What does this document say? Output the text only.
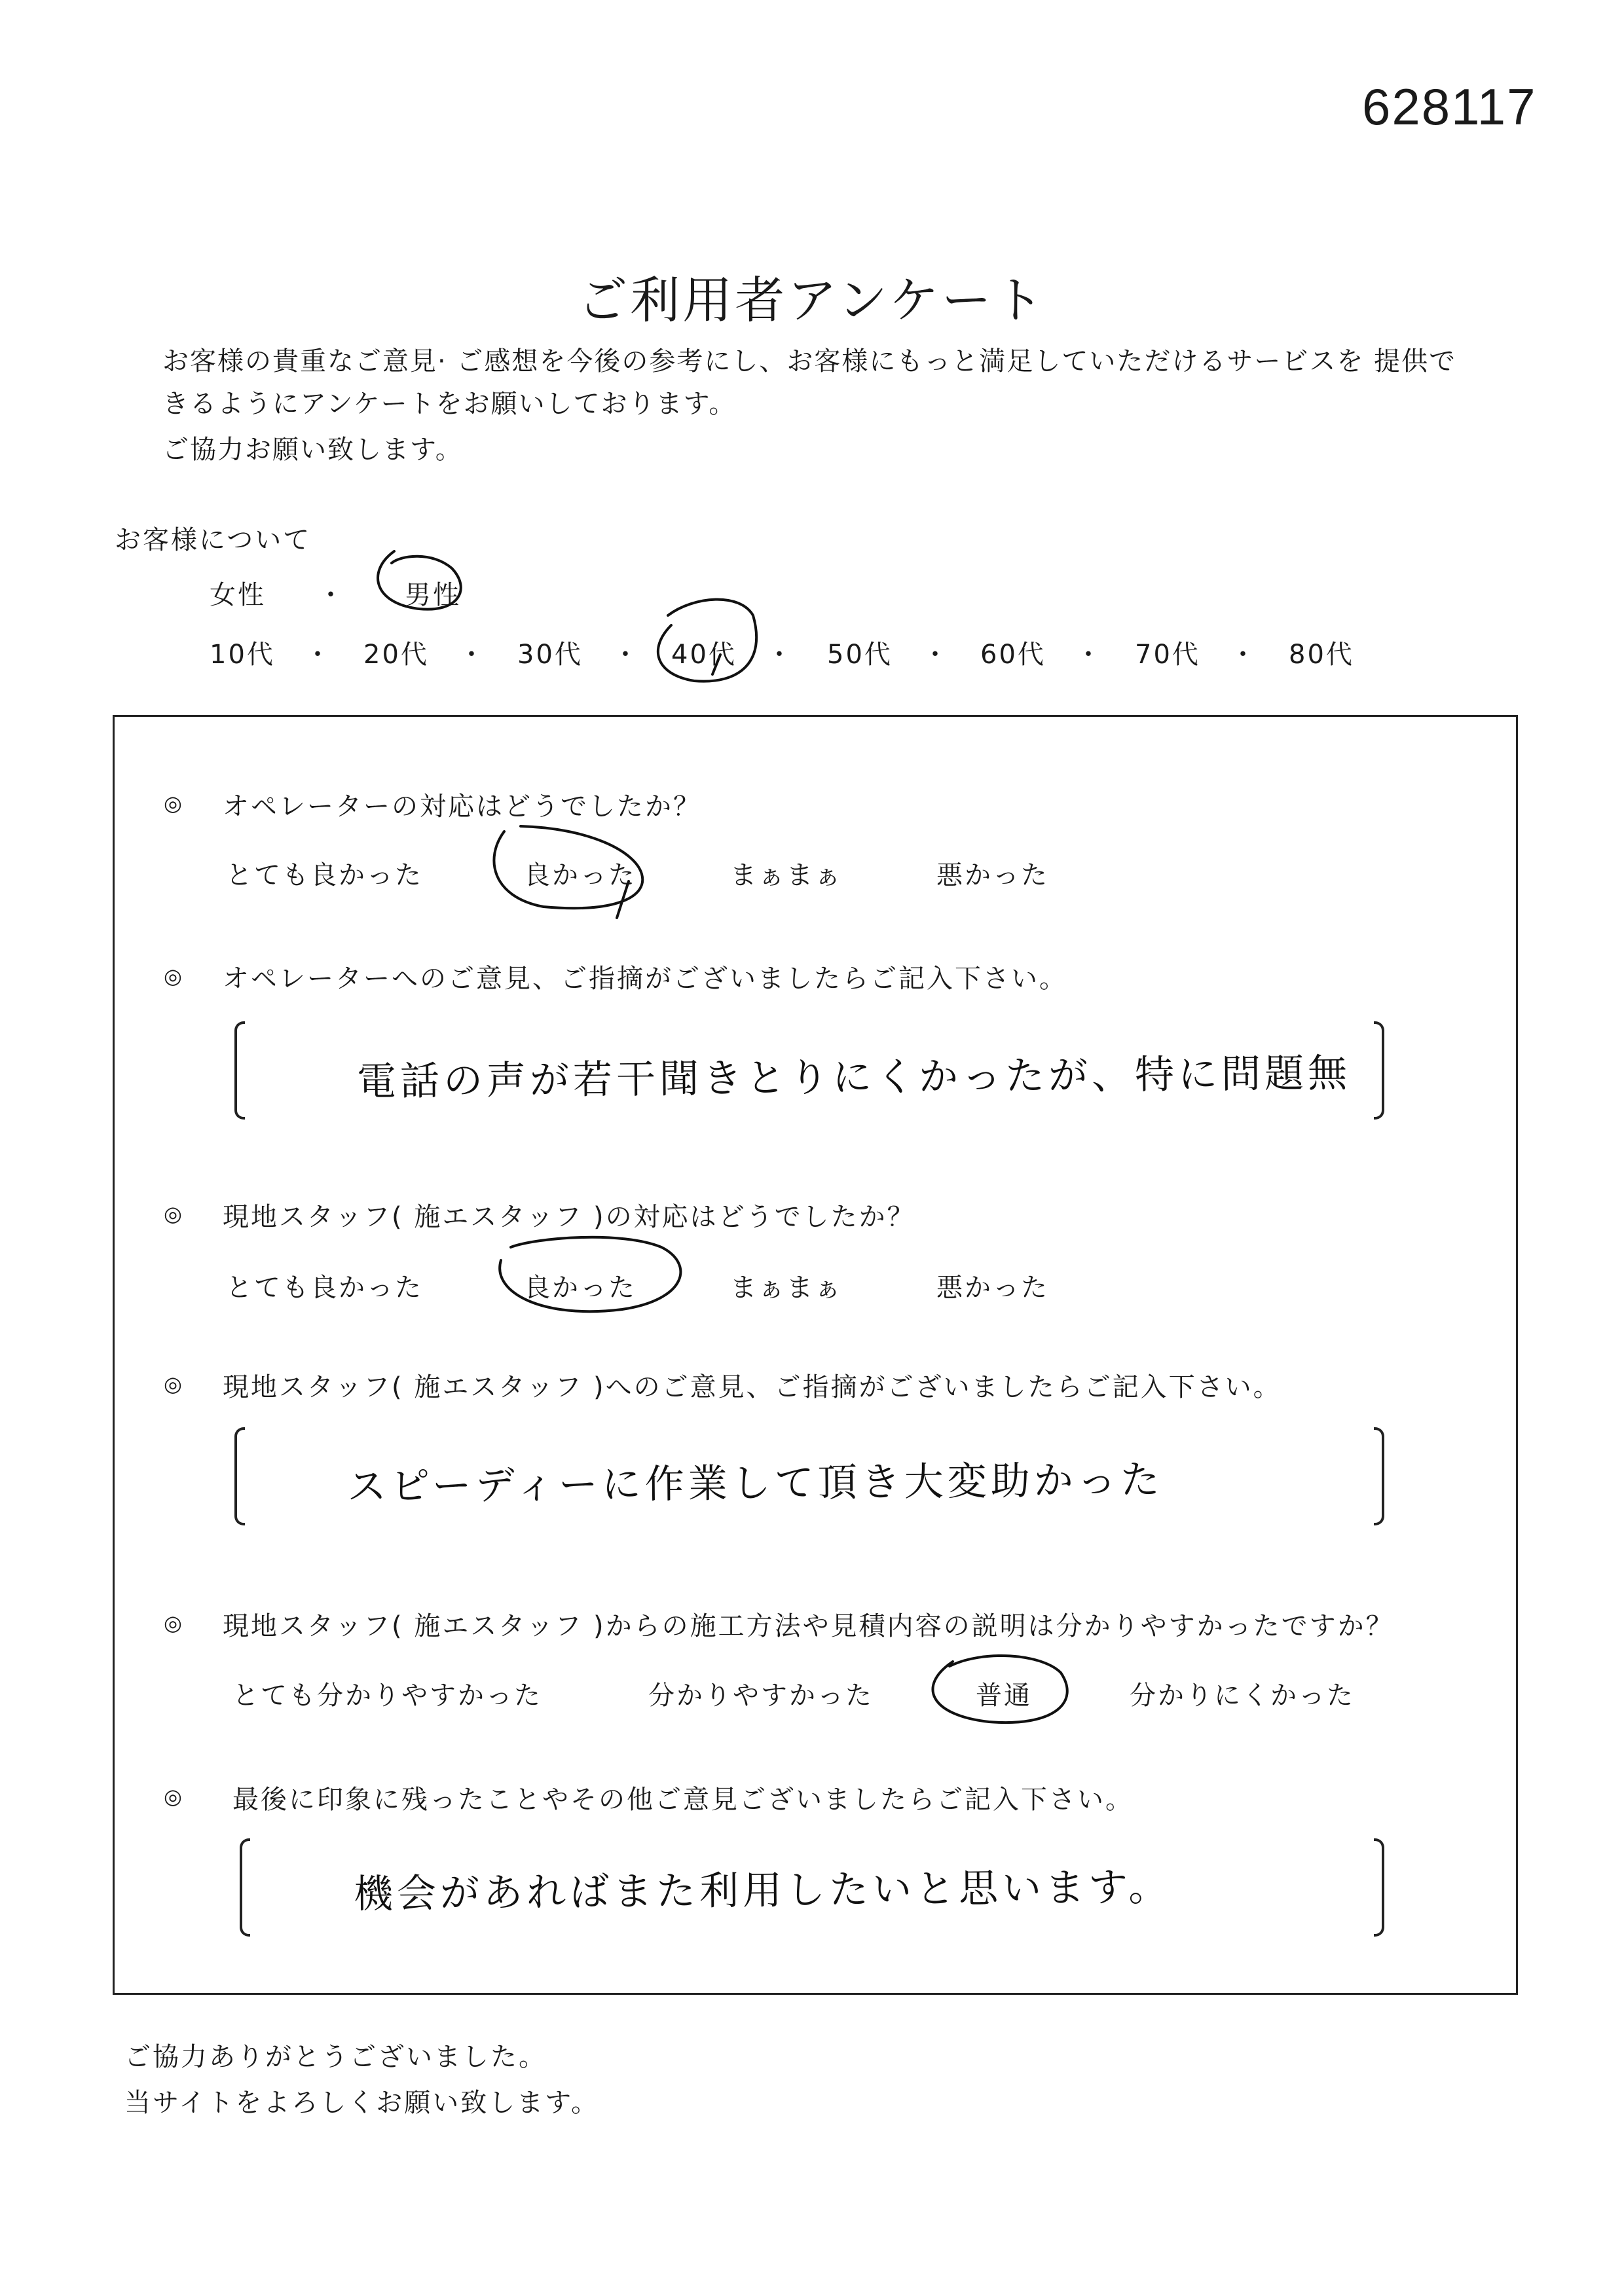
628117
ご利用者アンケート
お客様の貴重なご意見· ご感想を今後の参考にし、お客様にもっと満足していただけるサービスを 提供で
きるようにアンケートをお願いしております。
ご協力お願い致します。
お客様について
女性 ・ 男性
10代 ・ 20代 ・ 30代 ・ 40代 ・ 50代 ・ 60代 ・ 70代 ・ 80代
◎ オペレーターの対応はどうでしたか？
とても良かった	良かった	まぁまぁ	悪かった
◎ オペレーターへのご意見、ご指摘がございましたらご記入下さい。
電話の声が若干聞きとりにくかったが、特に問題無
◎ 現地スタッフ( 施エスタッフ )の対応はどうでしたか？
とても良かった	良かった	まぁまぁ	悪かった
◎ 現地スタッフ( 施エスタッフ )へのご意見、ご指摘がございましたらご記入下さい。
スピーディーに作業して頂き大変助かった
◎ 現地スタッフ( 施エスタッフ )からの施工方法や見積内容の説明は分かりやすかったですか？
とても分かりやすかった	分かりやすかった	普通	分かりにくかった
◎ 最後に印象に残ったことやその他ご意見ございましたらご記入下さい。
機会があればまた利用したいと思います。
ご協力ありがとうございました。
当サイトをよろしくお願い致します。
